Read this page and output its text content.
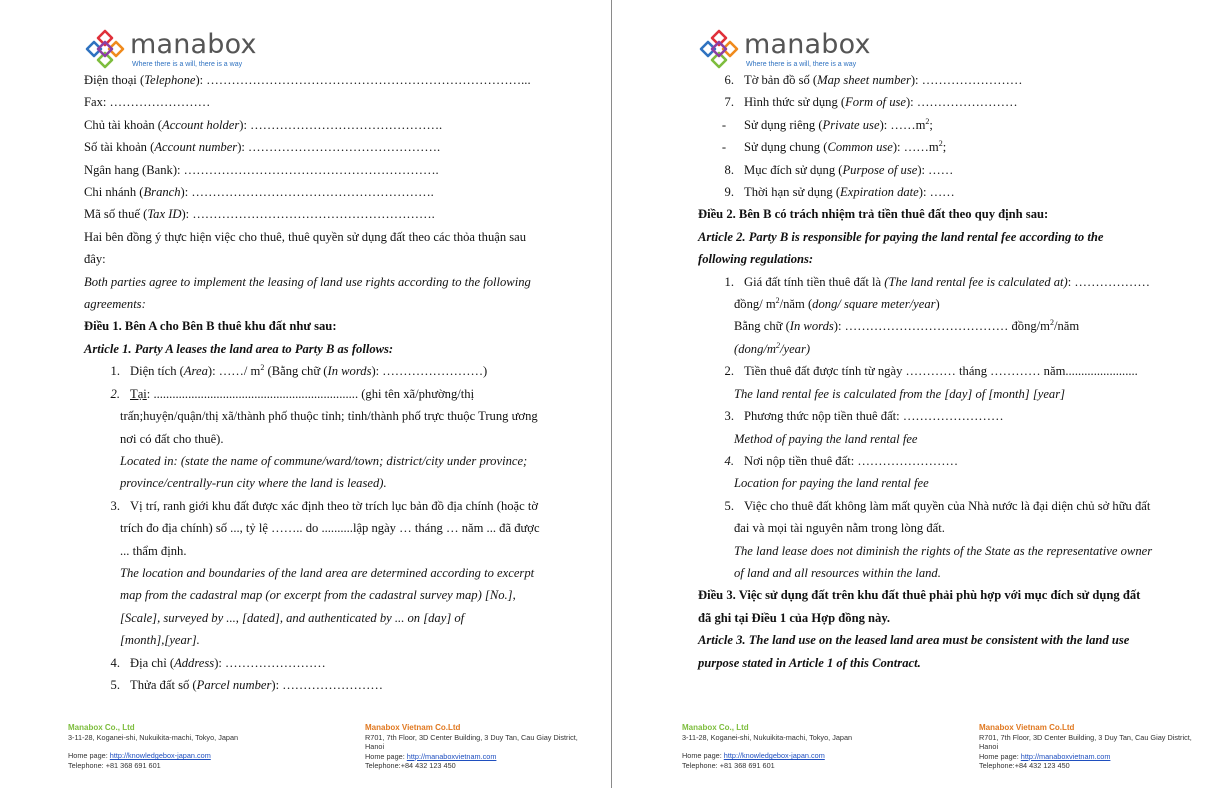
manabox
Where there is a will, there is a way
Điện thoại (Telephone): …………………………………………………………………...
Fax: ……………………
Chủ tài khoản (Account holder): ……………………………………….
Số tài khoản (Account number): ……………………………………….
Ngân hang (Bank): …………………………………………………….
Chi nhánh (Branch): ………………………………………………….
Mã số thuế (Tax ID): ………………………………………………….
Hai bên đồng ý thực hiện việc cho thuê, thuê quyền sử dụng đất theo các thỏa thuận sau
đây:
Both parties agree to implement the leasing of land use rights according to the following
agreements:
Điều 1. Bên A cho Bên B thuê khu đất như sau:
Article 1. Party A leases the land area to Party B as follows:
1. Diện tích (Area): ……/ $m^2$ (Bằng chữ (In words): ……………………)
2. Tại: ................................................................. (ghi tên xã/phường/thị
trấn;huyện/quận/thị xã/thành phố thuộc tỉnh; tỉnh/thành phố trực thuộc Trung ương
nơi có đất cho thuê).
Located in: (state the name of commune/ward/town; district/city under province;
province/centrally-run city where the land is leased).
3. Vị trí, ranh giới khu đất được xác định theo tờ trích lục bản đồ địa chính (hoặc tờ
trích đo địa chính) số ..., tỷ lệ …….. do ..........lập ngày … tháng … năm ... đã được
... thẩm định.
The location and boundaries of the land area are determined according to excerpt
map from the cadastral map (or excerpt from the cadastral survey map) [No.],
[Scale], surveyed by ..., [dated], and authenticated by ... on [day] of
[month],[year].
4. Địa chỉ (Address): ……………………
5. Thửa đất số (Parcel number): ……………………
Manabox Co., Ltd
3-11-28, Koganei-shi, Nukuikita-machi, Tokyo, Japan
Home page: http://knowledgebox-japan.com
Telephone: +81 368 691 601
Manabox Vietnam Co.Ltd
R701, 7th Floor, 3D Center Building, 3 Duy Tan, Cau Giay District,
Hanoi
Home page: http://manaboxvietnam.com
Telephone:+84 432 123 450
manabox
Where there is a will, there is a way
6. Tờ bản đồ số (Map sheet number): ……………………
7. Hình thức sử dụng (Form of use): ……………………
- Sử dụng riêng (Private use): $\dots\dots m^2$;
- Sử dụng chung (Common use): $\dots\dots m^2$;
8. Mục đích sử dụng (Purpose of use): ……
9. Thời hạn sử dụng (Expiration date): ……
Điều 2. Bên B có trách nhiệm trả tiền thuê đất theo quy định sau:
Article 2. Party B is responsible for paying the land rental fee according to the
following regulations:
1. Giá đất tính tiền thuê đất là (The land rental fee is calculated at): ………………
đồng/ $m^2$/năm (dong/ square meter/year)
Bằng chữ (In words): ………………………………… đồng/$m^2$/năm
$(dong/m^2/year)$
2. Tiền thuê đất được tính từ ngày ………… tháng ………… năm.......................
The land rental fee is calculated from the [day] of [month] [year]
3. Phương thức nộp tiền thuê đất: ……………………
Method of paying the land rental fee
4. Nơi nộp tiền thuê đất: ……………………
Location for paying the land rental fee
5. Việc cho thuê đất không làm mất quyền của Nhà nước là đại diện chủ sở hữu đất
đai và mọi tài nguyên nằm trong lòng đất.
The land lease does not diminish the rights of the State as the representative owner
of land and all resources within the land.
Điều 3. Việc sử dụng đất trên khu đất thuê phải phù hợp với mục đích sử dụng đất
đã ghi tại Điều 1 của Hợp đồng này.
Article 3. The land use on the leased land area must be consistent with the land use
purpose stated in Article 1 of this Contract.
Manabox Co., Ltd
3-11-28, Koganei-shi, Nukuikita-machi, Tokyo, Japan
Home page: http://knowledgebox-japan.com
Telephone: +81 368 691 601
Manabox Vietnam Co.Ltd
R701, 7th Floor, 3D Center Building, 3 Duy Tan, Cau Giay District,
Hanoi
Home page: http://manaboxvietnam.com
Telephone:+84 432 123 450
